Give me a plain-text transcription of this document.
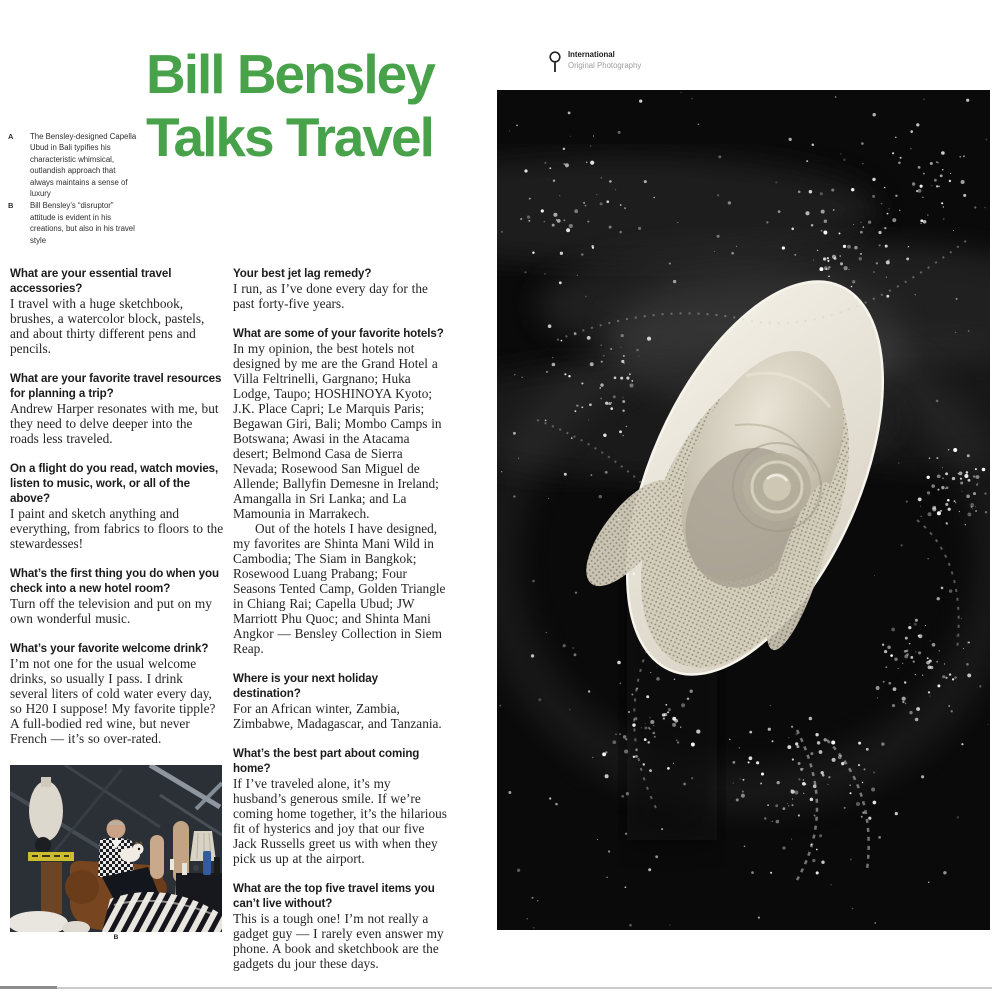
A	The Bensley-designed Capella Ubud in Bali typifies his characteristic whimsical, outlandish approach that always maintains a sense of luxury
B	Bill Bensley’s “disruptor” attitude is evident in his creations, but also in his travel style
Bill Bensley
Talks Travel
What are your essential travel accessories?

I travel with a huge sketchbook, brushes, a watercolor block, pastels, and about thirty different pens and pencils.

What are your favorite travel resources for planning a trip?

Andrew Harper resonates with me, but they need to delve deeper into the roads less traveled.

On a flight do you read, watch movies, listen to music, work, or all of the above?

I paint and sketch anything and everything, from fabrics to floors to the stewardesses!

What’s the first thing you do when you check into a new hotel room?

Turn off the television and put on my own wonderful music.

What’s your favorite welcome drink?

I’m not one for the usual welcome drinks, so usually I pass. I drink several liters of cold water every day, so H20 I suppose! My favorite tipple? A full-bodied red wine, but never French — it’s so over-rated.

Your best jet lag remedy?

I run, as I’ve done every day for the past forty-five years.

What are some of your favorite hotels?

In my opinion, the best hotels not designed by me are the Grand Hotel a Villa Feltrinelli, Gargnano; Huka Lodge, Taupo; HOSHINOYA Kyoto; J.K. Place Capri; Le Marquis Paris; Begawan Giri, Bali; Mombo Camps in Botswana; Awasi in the Atacama desert; Belmond Casa de Sierra Nevada; Rosewood San Miguel de Allende; Ballyfin Demesne in Ireland; Amangalla in Sri Lanka; and La Mamounia in Marrakech.

Out of the hotels I have designed, my favorites are Shinta Mani Wild in Cambodia; The Siam in Bangkok; Rosewood Luang Prabang; Four Seasons Tented Camp, Golden Triangle in Chiang Rai; Capella Ubud; JW Marriott Phu Quoc; and Shinta Mani Angkor — Bensley Collection in Siem Reap.

Where is your next holiday destination?

For an African winter, Zambia, Zimbabwe, Madagascar, and Tanzania.

What’s the best part about coming home?

If I’ve traveled alone, it’s my husband’s generous smile. If we’re coming home together, it’s the hilarious fit of hysterics and joy that our five Jack Russells greet us with when they pick us up at the airport.

What are the top five travel items you can’t live without?

This is a tough one! I’m not really a gadget guy — I rarely even answer my phone. A book and sketchbook are the gadgets du jour these days.

B
International
Original Photography
